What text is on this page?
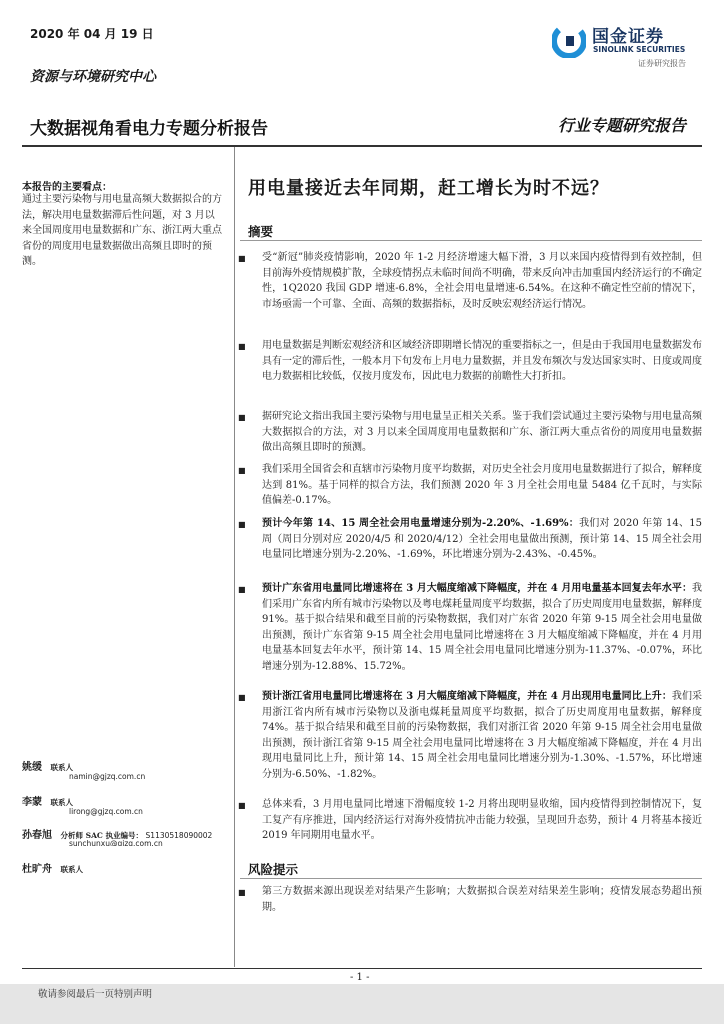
2020 年 04 月 19 日
资源与环境研究中心
国金证券
SINOLINK SECURITIES
证券研究报告
大数据视角看电力专题分析报告	行业专题研究报告
本报告的主要看点：
通过主要污染物与用电量高频大数据拟合的方法，解决用电量数据滞后性问题，对 3 月以来全国周度用电量数据和广东、浙江两大重点省份的周度用电量数据做出高频且即时的预测。
姚缓 联系人
namin@gjzq.com.cn
李蒙 联系人
lirong@gjzq.com.cn
孙春旭 分析师 SAC 执业编号： S1130518090002
sunchunxu@gjzq.com.cn
杜旷舟 联系人
用电量接近去年同期，赶工增长为时不远？
摘要
■	受“新冠”肺炎疫情影响，2020 年 1-2 月经济增速大幅下滑，3 月以来国内疫情得到有效控制，但目前海外疫情规模扩散，全球疫情拐点未临时间尚不明确，带来反向冲击加重国内经济运行的不确定性，1Q2020 我国 GDP 增速-6.8%，全社会用电量增速-6.54%。在这种不确定性空前的情况下，市场亟需一个可靠、全面、高频的数据指标，及时反映宏观经济运行情况。
■	用电量数据是判断宏观经济和区域经济即期增长情况的重要指标之一，但是由于我国用电量数据发布具有一定的滞后性，一般本月下旬发布上月电力量数据，并且发布频次与发达国家实时、日度或周度电力数据相比较低，仅按月度发布，因此电力数据的前瞻性大打折扣。
■	据研究论文指出我国主要污染物与用电量呈正相关关系。鉴于我们尝试通过主要污染物与用电量高频大数据拟合的方法，对 3 月以来全国周度用电量数据和广东、浙江两大重点省份的周度用电量数据做出高频且即时的预测。
■	我们采用全国省会和直辖市污染物月度平均数据，对历史全社会月度用电量数据进行了拟合，解释度达到 81%。基于同样的拟合方法，我们预测 2020 年 3 月全社会用电量 5484 亿千瓦时，与实际值偏差-0.17%。
■	预计今年第 14、15 周全社会用电量增速分别为-2.20%、-1.69%：我们对 2020 年第 14、15 周（周日分别对应 2020/4/5 和 2020/4/12）全社会用电量做出预测，预计第 14、15 周全社会用电量同比增速分别为-2.20%、-1.69%，环比增速分别为-2.43%、-0.45%。
■	预计广东省用电量同比增速将在 3 月大幅度缩减下降幅度，并在 4 月用电量基本回复去年水平：我们采用广东省内所有城市污染物以及粤电煤耗量周度平均数据，拟合了历史周度用电量数据，解释度 91%。基于拟合结果和截至目前的污染物数据，我们对广东省 2020 年第 9-15 周全社会用电量做出预测，预计广东省第 9-15 周全社会用电量同比增速将在 3 月大幅度缩减下降幅度，并在 4 月用电量基本回复去年水平，预计第 14、15 周全社会用电量同比增速分别为-11.37%、-0.07%，环比增速分别为-12.88%、15.72%。
■	预计浙江省用电量同比增速将在 3 月大幅度缩减下降幅度，并在 4 月出现用电量同比上升：我们采用浙江省内所有城市污染物以及浙电煤耗量周度平均数据，拟合了历史周度用电量数据，解释度 74%。基于拟合结果和截至目前的污染物数据，我们对浙江省 2020 年第 9-15 周全社会用电量做出预测，预计浙江省第 9-15 周全社会用电量同比增速将在 3 月大幅度缩减下降幅度，并在 4 月出现用电量同比上升，预计第 14、15 周全社会用电量同比增速分别为-1.30%、-1.57%，环比增速分别为-6.50%、-1.82%。
■	总体来看，3 月用电量同比增速下滑幅度较 1-2 月将出现明显收缩，国内疫情得到控制情况下，复工复产有序推进，国内经济运行对海外疫情抗冲击能力较强，呈现回升态势，预计 4 月将基本接近 2019 年同期用电量水平。
风险提示
■	第三方数据来源出现误差对结果产生影响；大数据拟合误差对结果差生影响；疫情发展态势超出预期。
- 1 -
敬请参阅最后一页特别声明
